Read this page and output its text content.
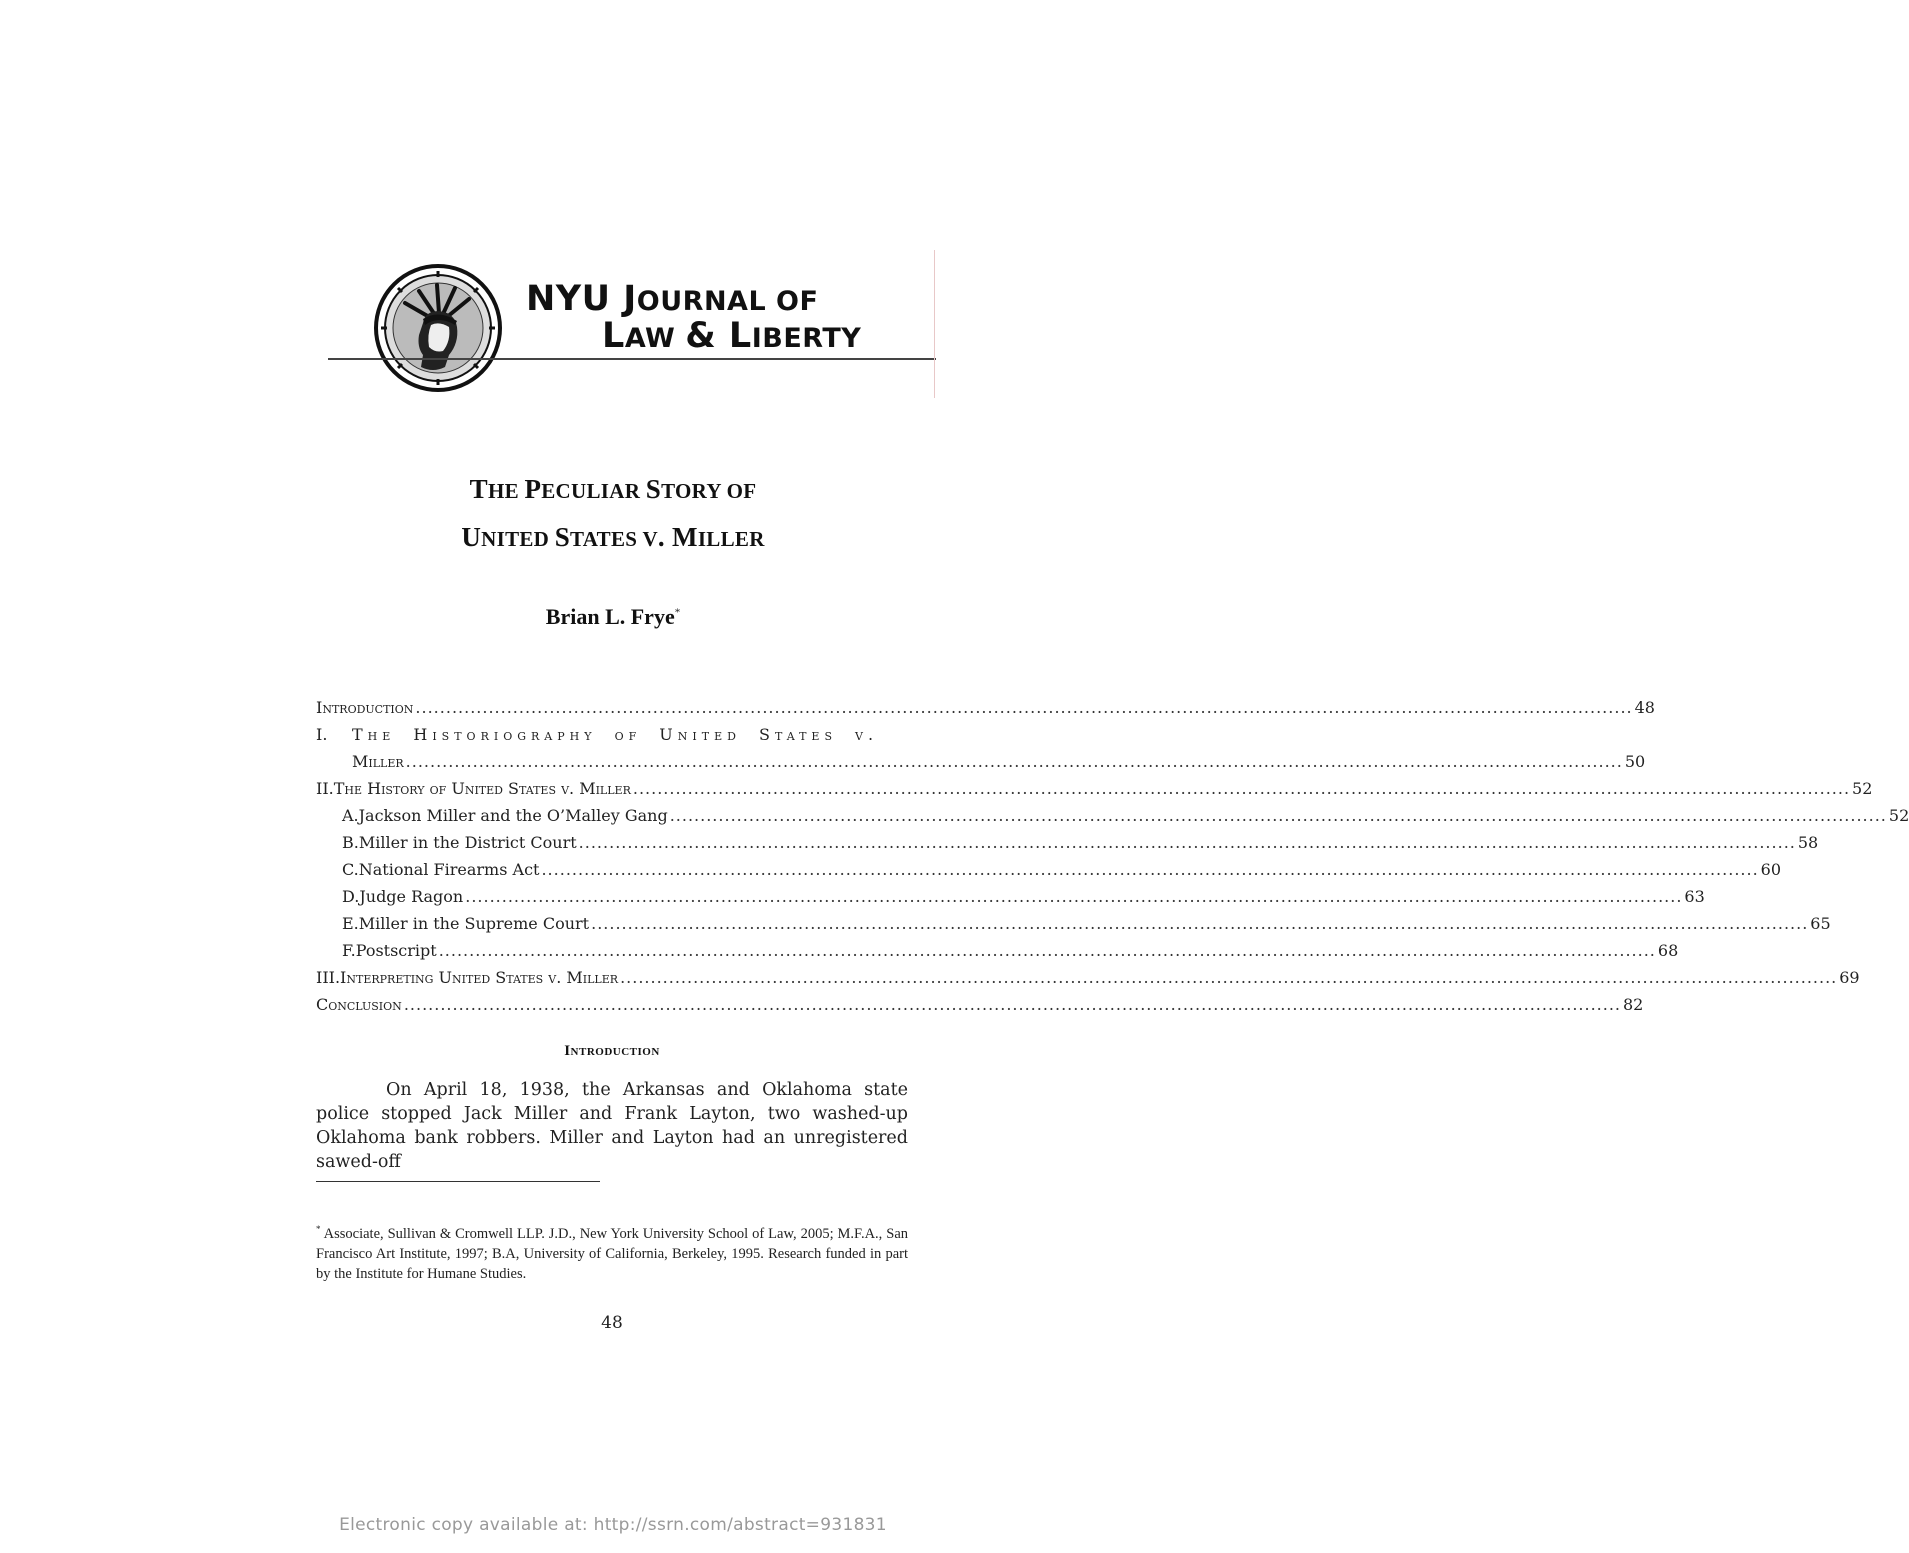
NYU JOURNAL OF
LAW & LIBERTY
THE PECULIAR STORY OF
UNITED STATES V. MILLER
Brian L. Frye*
Introduction ........................................................................................................................................................................................................ 48
I.	The Historiography of United States v.
Miller ........................................................................................................................................................................................................ 50
II. The History of United States v. Miller ........................................................................................................................................................................................................ 52
A. Jackson Miller and the O’Malley Gang ........................................................................................................................................................................................................ 52
B. Miller in the District Court ........................................................................................................................................................................................................ 58
C. National Firearms Act ........................................................................................................................................................................................................ 60
D. Judge Ragon ........................................................................................................................................................................................................ 63
E. Miller in the Supreme Court ........................................................................................................................................................................................................ 65
F. Postscript ........................................................................................................................................................................................................ 68
III. Interpreting United States v. Miller ........................................................................................................................................................................................................ 69
Conclusion ........................................................................................................................................................................................................ 82
Introduction

On April 18, 1938, the Arkansas and Oklahoma state police stopped Jack Miller and Frank Layton, two washed-up Oklahoma bank robbers. Miller and Layton had an unregistered sawed-off

* Associate, Sullivan & Cromwell LLP. J.D., New York University School of Law, 2005; M.F.A., San Francisco Art Institute, 1997; B.A, University of California, Berkeley, 1995. Research funded in part by the Institute for Humane Studies.
48
Electronic copy available at: http://ssrn.com/abstract=931831
